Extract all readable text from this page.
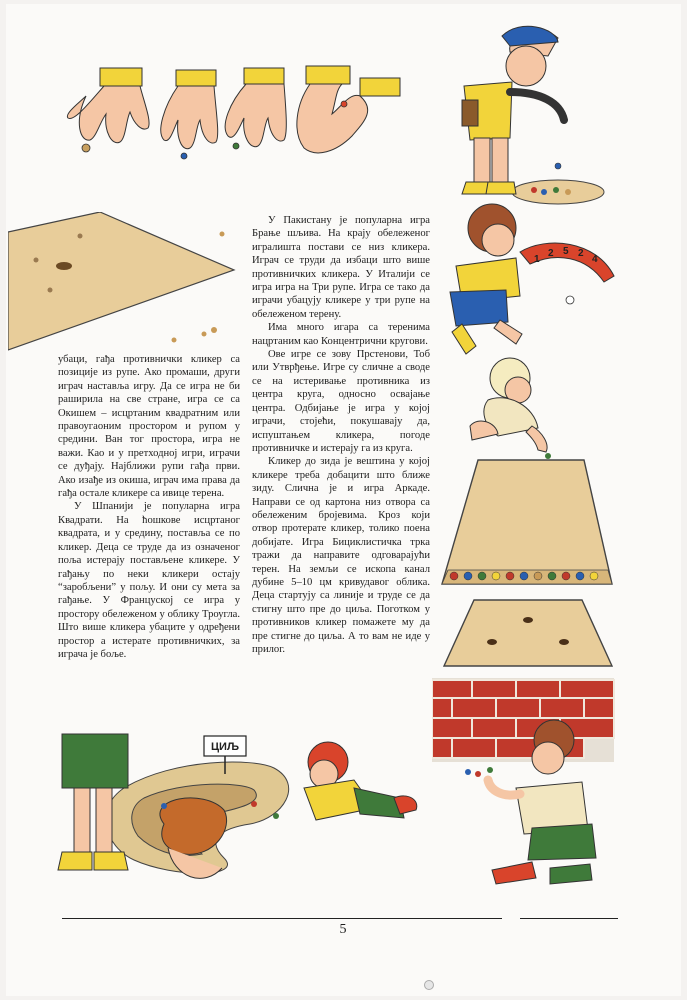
убаци, гађа противнички кликер са позиције из рупе. Ако промаши, други играч наставља игру. Да се игра не би раширила на све стране, игра се са Окишем – исцртаним квадратним или правоугаоним простором и рупом у средини. Ван тог простора, игра не важи. Као и у претходној игри, играчи се дуђају. Најближи рупи гађа први. Ако изађе из окиша, играч има права да гађа остале кликере са ивице терена.

У Шпанији је популарна игра Квадрати. На ћошкове исцртаног квадрата, и у средину, поставља се по кликер. Деца се труде да из означеног поља истерају постављене кликере. У гађању по неки кликери остају “заробљени” у пољу. И они су мета за гађање. У Француској се игра у простору обележеном у облику Троугла. Што више кликера убаците у одређени простор а истерате противничких, за играча је боље.

У Пакистану је популарна игра Брање шљива. На крају обележеног игралишта постави се низ кликера. Играч се труди да избаци што више противничких кликера. У Италији се игра игра на Три рупе. Игра се тако да играчи убацују кликере у три рупе на обележеном терену.

Има много игара са теренима нацртаним као Концентрични кругови.

Ове игре се зову Прстенови, Тоб или Утврђење. Игре су сличне а своде се на истеривање противника из центра круга, односно освајање центра. Одбијање је игра у којој играчи, стојећи, покушавају да, испуштањем кликера, погоде противничке и истерају га из круга.

Кликер до зида је вештина у којој кликере треба добацити што ближе зиду. Слична је и игра Аркаде. Направи се од картона низ отвора са обележеним бројевима. Кроз који отвор протерате кликер, толико поена добијате. Игра Бициклистичка трка тражи да направите одговарајући терен. На земљи се ископа канал дубине 5–10 цм кривудавог облика. Деца стартују са линије и труде се да стигну што пре до циља. Поготком у противников кликер помажете му да пре стигне до циља. А то вам не иде у прилог.

1
2 5 2
4
ЦИЉ
5
